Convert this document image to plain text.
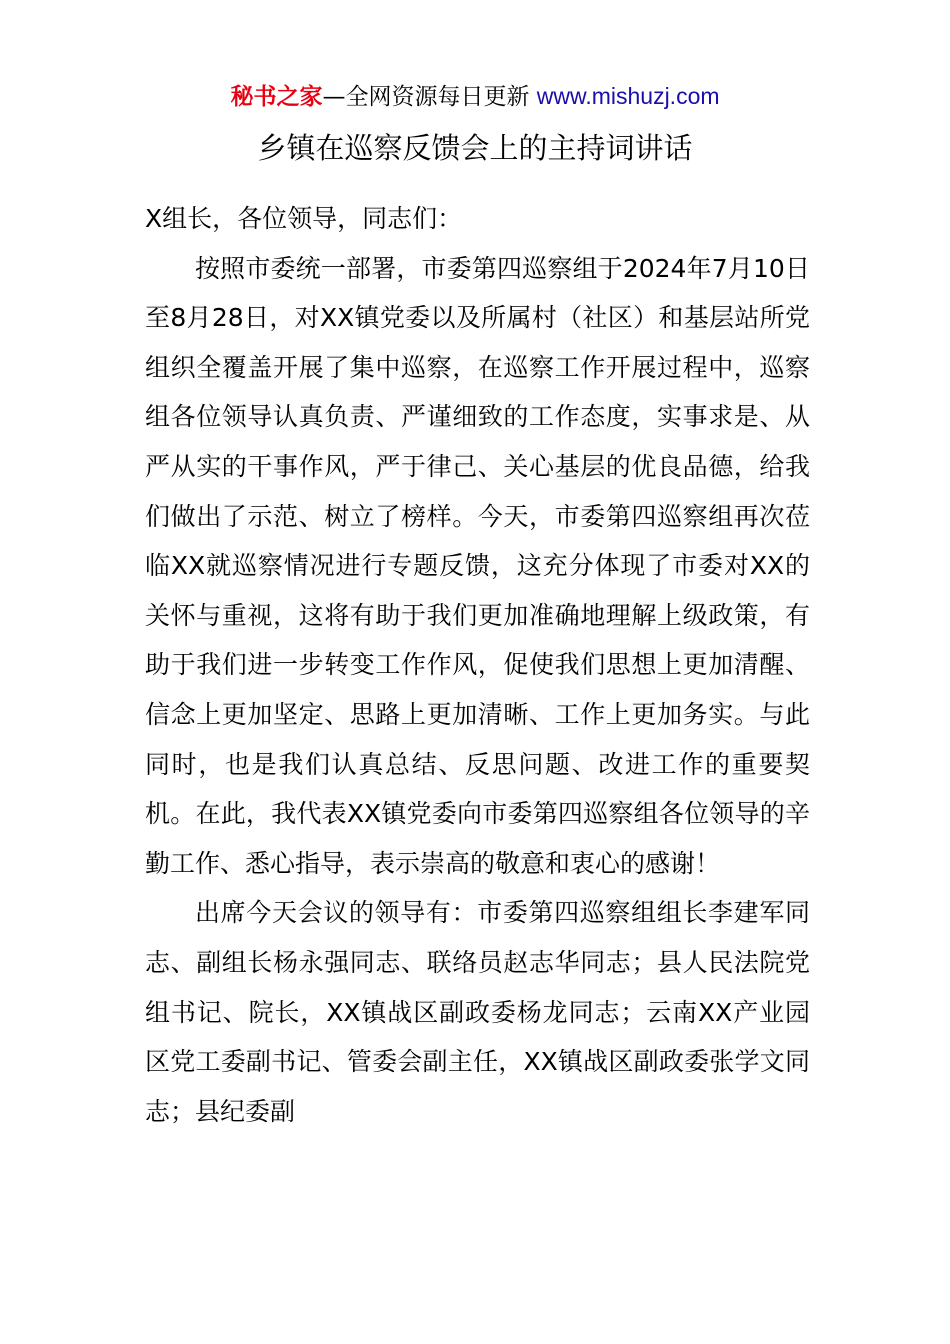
秘书之家—全网资源每日更新 www.mishuzj.com
乡镇在巡察反馈会上的主持词讲话

X组长，各位领导，同志们：

按照市委统一部署，市委第四巡察组于2024年7月10日至8月28日，对XX镇党委以及所属村（社区）和基层站所党组织全覆盖开展了集中巡察，在巡察工作开展过程中，巡察组各位领导认真负责、严谨细致的工作态度，实事求是、从严从实的干事作风，严于律己、关心基层的优良品德，给我们做出了示范、树立了榜样。今天，市委第四巡察组再次莅临XX就巡察情况进行专题反馈，这充分体现了市委对XX的关怀与重视，这将有助于我们更加准确地理解上级政策，有助于我们进一步转变工作作风，促使我们思想上更加清醒、信念上更加坚定、思路上更加清晰、工作上更加务实。与此同时，也是我们认真总结、反思问题、改进工作的重要契机。在此，我代表XX镇党委向市委第四巡察组各位领导的辛勤工作、悉心指导，表示崇高的敬意和衷心的感谢！

出席今天会议的领导有：市委第四巡察组组长李建军同志、副组长杨永强同志、联络员赵志华同志；县人民法院党组书记、院长，XX镇战区副政委杨龙同志；云南XX产业园区党工委副书记、管委会副主任，XX镇战区副政委张学文同志；县纪委副
